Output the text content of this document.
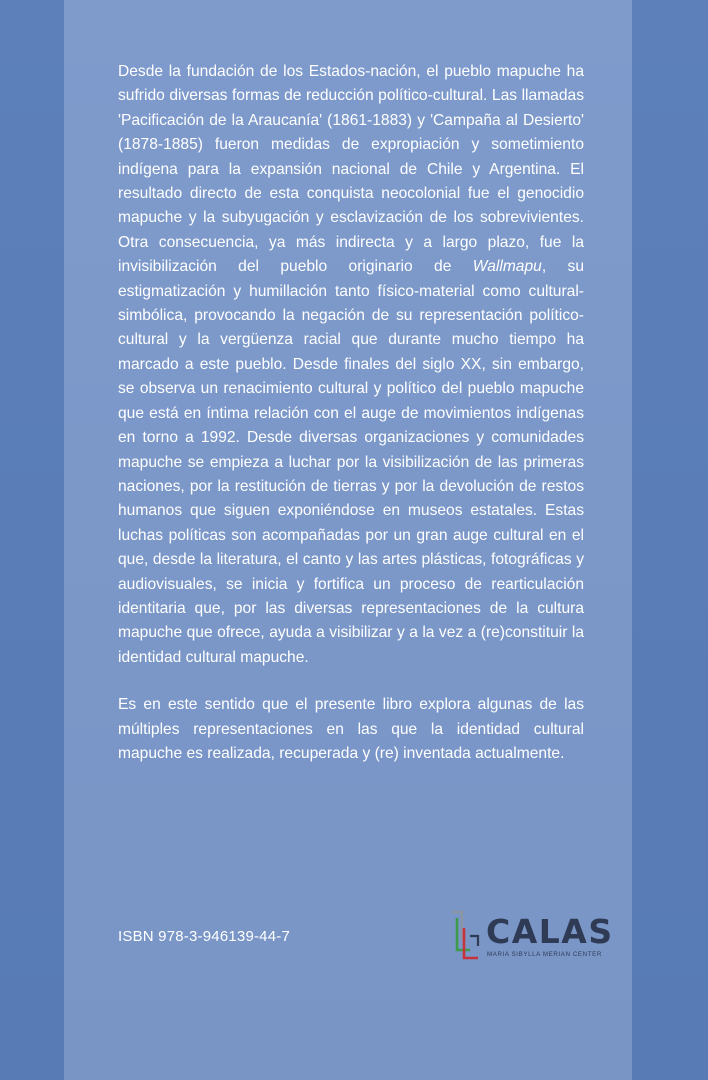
Desde la fundación de los Estados-nación, el pueblo mapuche ha sufrido diversas formas de reducción político-cultural. Las llamadas 'Pacificación de la Araucanía' (1861-1883) y 'Campaña al Desierto' (1878-1885) fueron medidas de expropiación y sometimiento indígena para la expansión nacional de Chile y Argentina. El resultado directo de esta conquista neocolonial fue el genocidio mapuche y la subyugación y esclavización de los sobrevivientes. Otra consecuencia, ya más indirecta y a largo plazo, fue la invisibilización del pueblo originario de Wallmapu, su estigmatización y humillación tanto físico-material como cultural-simbólica, provocando la negación de su representación político-cultural y la vergüenza racial que durante mucho tiempo ha marcado a este pueblo. Desde finales del siglo XX, sin embargo, se observa un renacimiento cultural y político del pueblo mapuche que está en íntima relación con el auge de movimientos indígenas en torno a 1992. Desde diversas organizaciones y comunidades mapuche se empieza a luchar por la visibilización de las primeras naciones, por la restitución de tierras y por la devolución de restos humanos que siguen exponiéndose en museos estatales. Estas luchas políticas son acompañadas por un gran auge cultural en el que, desde la literatura, el canto y las artes plásticas, fotográficas y audiovisuales, se inicia y fortifica un proceso de rearticulación identitaria que, por las diversas representaciones de la cultura mapuche que ofrece, ayuda a visibilizar y a la vez a (re)constituir la identidad cultural mapuche.

Es en este sentido que el presente libro explora algunas de las múltiples representaciones en las que la identidad cultural mapuche es realizada, recuperada y (re) inventada actualmente.

ISBN 978-3-946139-44-7	CALAS
MARIA SIBYLLA MERIAN CENTER
